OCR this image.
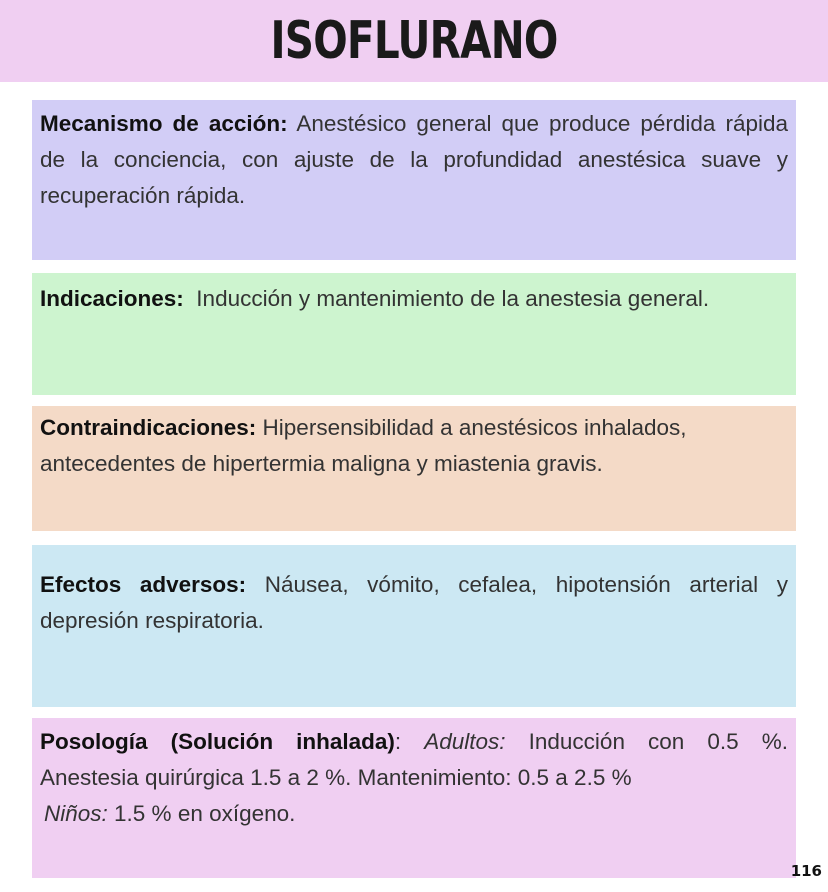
ISOFLURANO
Mecanismo de acción: Anestésico general que produce pérdida rápida de la conciencia, con ajuste de la profundidad anestésica suave y recuperación rápida.
Indicaciones:  Inducción y mantenimiento de la anestesia general.
Contraindicaciones: Hipersensibilidad a anestésicos inhalados, antecedentes de hipertermia maligna y miastenia gravis.
Efectos adversos: Náusea, vómito, cefalea, hipotensión arterial y depresión respiratoria.
Posología (Solución inhalada): Adultos: Inducción con 0.5 %.
Anestesia quirúrgica 1.5 a 2 %. Mantenimiento: 0.5 a 2.5 %
Niños: 1.5 % en oxígeno.
116
